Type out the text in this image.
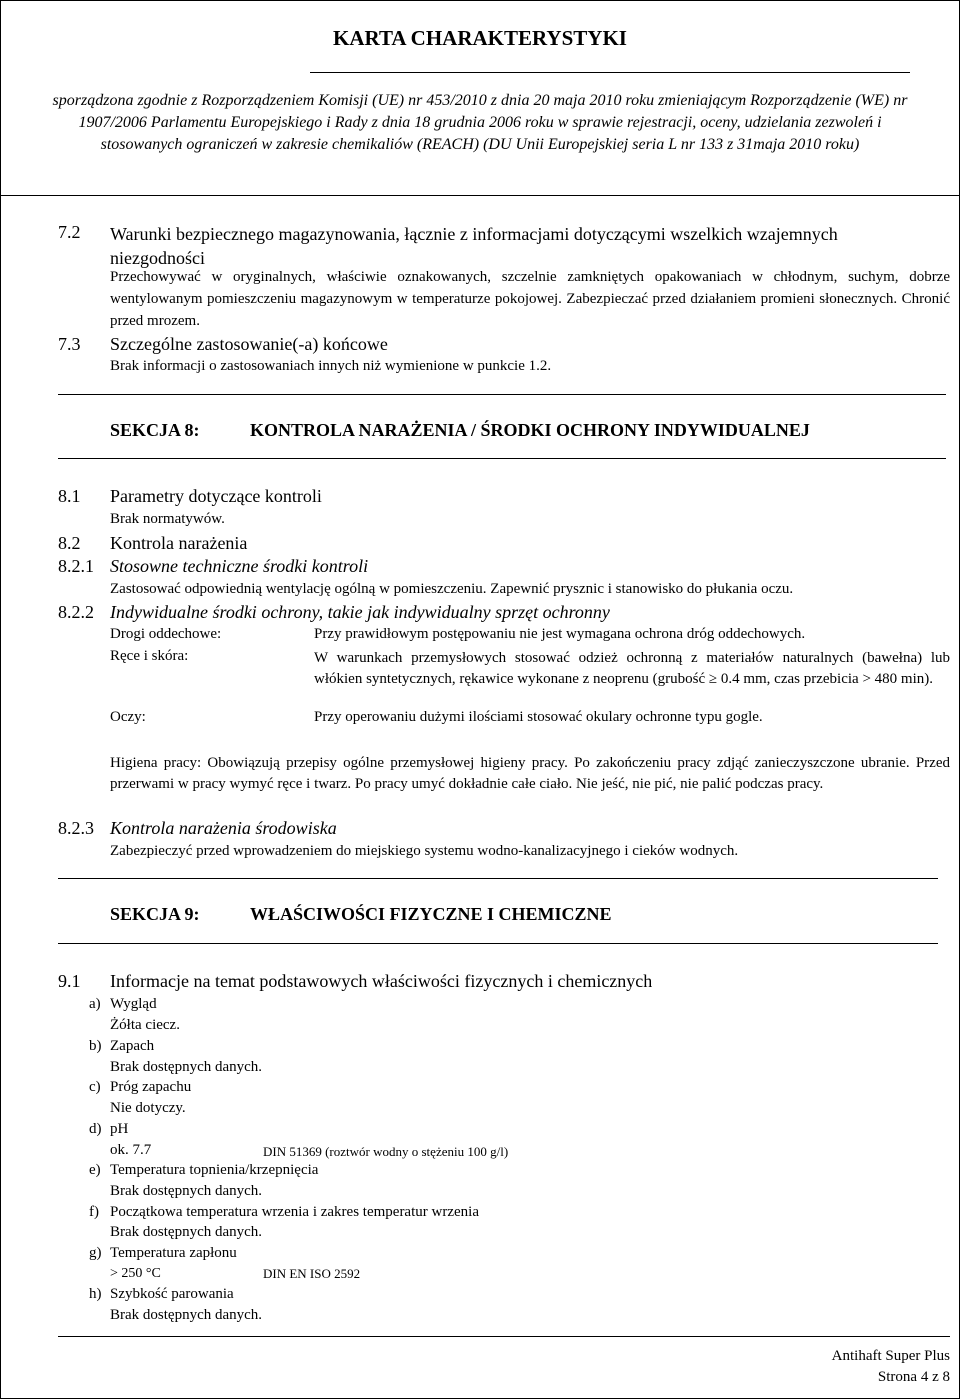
KARTA CHARAKTERYSTYKI
sporządzona zgodnie z Rozporządzeniem Komisji (UE) nr 453/2010 z dnia 20 maja 2010 roku zmieniającym Rozporządzenie (WE) nr 1907/2006 Parlamentu Europejskiego i Rady z dnia 18 grudnia 2006 roku w sprawie rejestracji, oceny, udzielania zezwoleń i stosowanych ograniczeń w zakresie chemikaliów (REACH) (DU Unii Europejskiej seria L nr 133 z 31maja 2010 roku)
7.2 Warunki bezpiecznego magazynowania, łącznie z informacjami dotyczącymi wszelkich wzajemnych niezgodności
Przechowywać w oryginalnych, właściwie oznakowanych, szczelnie zamkniętych opakowaniach w chłodnym, suchym, dobrze wentylowanym pomieszczeniu magazynowym w temperaturze pokojowej. Zabezpieczać przed działaniem promieni słonecznych. Chronić przed mrozem.
7.3 Szczególne zastosowanie(-a) końcowe
Brak informacji o zastosowaniach innych niż wymienione w punkcie 1.2.
SEKCJA 8:	KONTROLA NARAŻENIA / ŚRODKI OCHRONY INDYWIDUALNEJ
8.1 Parametry dotyczące kontroli
Brak normatywów.
8.2 Kontrola narażenia
8.2.1 Stosowne techniczne środki kontroli
Zastosować odpowiednią wentylację ogólną w pomieszczeniu. Zapewnić prysznic i stanowisko do płukania oczu.
8.2.2 Indywidualne środki ochrony, takie jak indywidualny sprzęt ochronny
Drogi oddechowe:	Przy prawidłowym postępowaniu nie jest wymagana ochrona dróg oddechowych.
Ręce i skóra:	W warunkach przemysłowych stosować odzież ochronną z materiałów naturalnych (bawełna) lub włókien syntetycznych, rękawice wykonane z neoprenu (grubość ≥ 0.4 mm, czas przebicia > 480 min).
Oczy:	Przy operowaniu dużymi ilościami stosować okulary ochronne typu gogle.
Higiena pracy: Obowiązują przepisy ogólne przemysłowej higieny pracy. Po zakończeniu pracy zdjąć zanieczyszczone ubranie. Przed przerwami w pracy wymyć ręce i twarz. Po pracy umyć dokładnie całe ciało. Nie jeść, nie pić, nie palić podczas pracy.
8.2.3 Kontrola narażenia środowiska
Zabezpieczyć przed wprowadzeniem do miejskiego systemu wodno-kanalizacyjnego i cieków wodnych.
SEKCJA 9:	WŁAŚCIWOŚCI FIZYCZNE I CHEMICZNE
9.1 Informacje na temat podstawowych właściwości fizycznych i chemicznych
a) Wygląd
Żółta ciecz.
b) Zapach
Brak dostępnych danych.
c) Próg zapachu
Nie dotyczy.
d) pH
ok. 7.7	DIN 51369 (roztwór wodny o stężeniu 100 g/l)
e) Temperatura topnienia/krzepnięcia
Brak dostępnych danych.
f) Początkowa temperatura wrzenia i zakres temperatur wrzenia
Brak dostępnych danych.
g) Temperatura zapłonu
> 250 °C	DIN EN ISO 2592
h) Szybkość parowania
Brak dostępnych danych.
Antihaft Super Plus
Strona 4 z 8
